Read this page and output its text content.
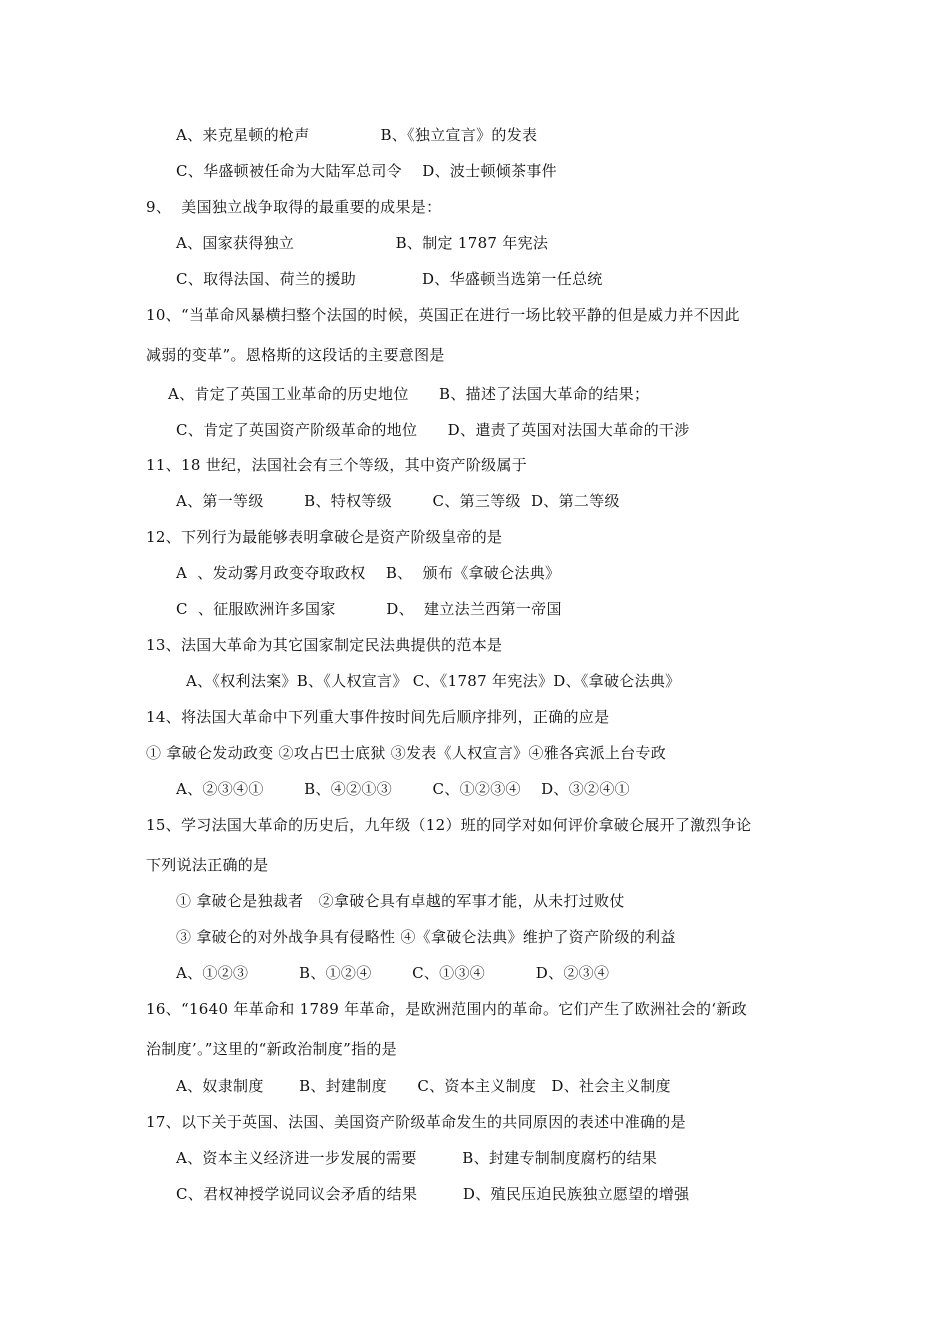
A、来克星顿的枪声              B、《独立宣言》的发表
C、华盛顿被任命为大陆军总司令    D、波士顿倾茶事件
9、  美国独立战争取得的最重要的成果是：
A、国家获得独立                    B、制定 1787 年宪法
C、取得法国、荷兰的援助             D、华盛顿当选第一任总统
10、“当革命风暴横扫整个法国的时候，英国正在进行一场比较平静的但是威力并不因此
减弱的变革”。恩格斯的这段话的主要意图是
A、肯定了英国工业革命的历史地位      B、描述了法国大革命的结果；
C、肯定了英国资产阶级革命的地位      D、遣责了英国对法国大革命的干涉
11、18 世纪，法国社会有三个等级，其中资产阶级属于
A、第一等级        B、特权等级        C、第三等级  D、第二等级
12、下列行为最能够表明拿破仑是资产阶级皇帝的是
A  、发动雾月政变夺取政权    B、  颁布《拿破仑法典》
C  、征服欧洲许多国家          D、  建立法兰西第一帝国
13、法国大革命为其它国家制定民法典提供的范本是
A、《权利法案》B、《人权宣言》 C、《1787 年宪法》D、《拿破仑法典》
14、将法国大革命中下列重大事件按时间先后顺序排列，正确的应是
① 拿破仑发动政变 ②攻占巴士底狱 ③发表《人权宣言》④雅各宾派上台专政
A、②③④①        B、④②①③        C、①②③④    D、③②④①
15、学习法国大革命的历史后，九年级（12）班的同学对如何评价拿破仑展开了激烈争论
下列说法正确的是
① 拿破仑是独裁者   ②拿破仑具有卓越的军事才能，从未打过败仗
③ 拿破仑的对外战争具有侵略性 ④《拿破仑法典》维护了资产阶级的利益
A、①②③          B、①②④        C、①③④          D、②③④
16、“1640 年革命和 1789 年革命，是欧洲范围内的革命。它们产生了欧洲社会的‘新政
治制度’。”这里的“新政治制度”指的是
A、奴隶制度       B、封建制度      C、资本主义制度   D、社会主义制度
17、以下关于英国、法国、美国资产阶级革命发生的共同原因的表述中准确的是
A、资本主义经济进一步发展的需要         B、封建专制制度腐朽的结果
C、君权神授学说同议会矛盾的结果         D、殖民压迫民族独立愿望的增强
